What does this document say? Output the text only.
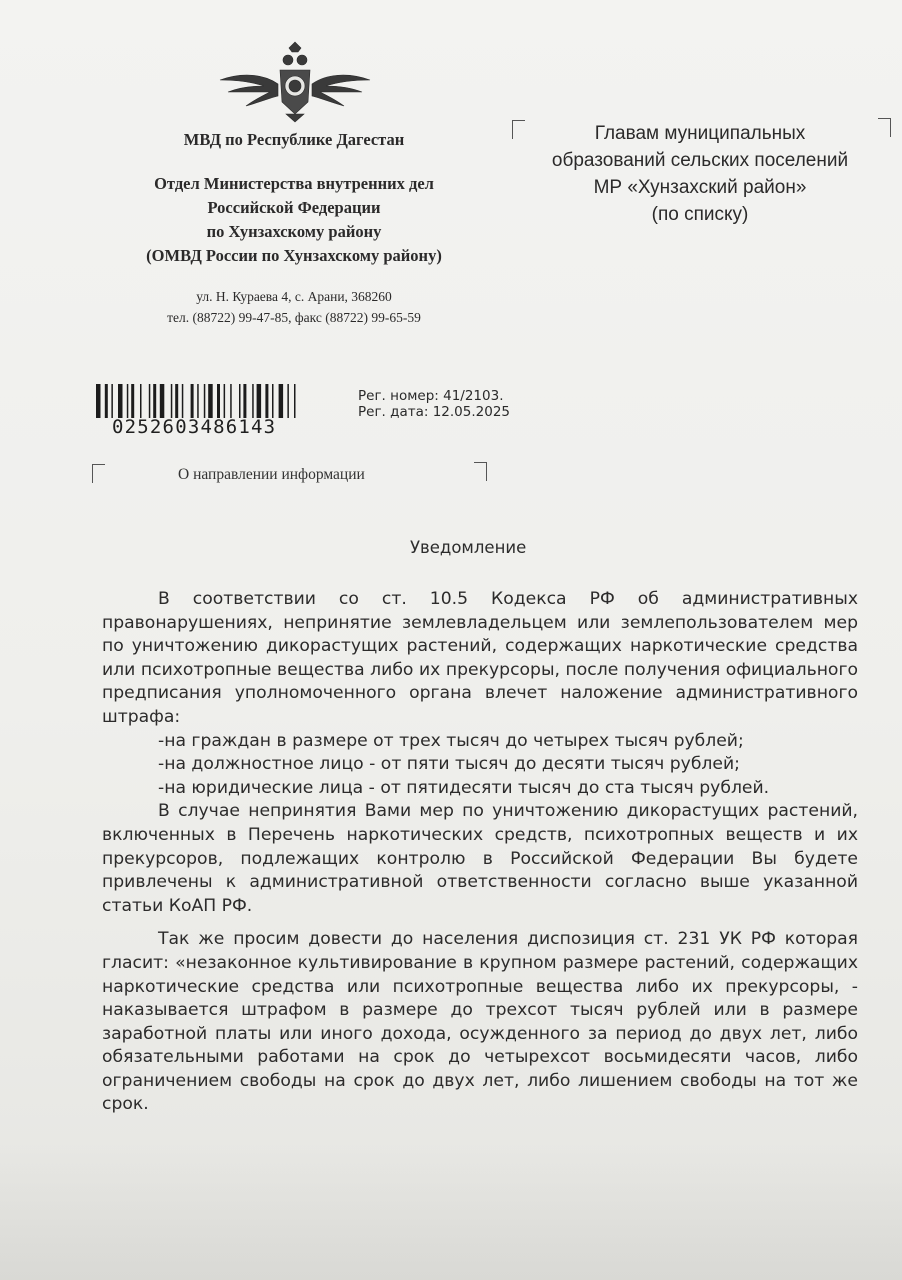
МВД по Республике Дагестан
Отдел Министерства внутренних дел
Российской Федерации
по Хунзахскому району
(ОМВД России по Хунзахскому району)
ул. Н. Кураева 4, с. Арани, 368260
тел. (88722) 99-47-85, факс (88722) 99-65-59
Главам муниципальных
образований сельских поселений
МР «Хунзахский район»
(по списку)
0252603486143
Рег. номер: 41/2103.
Рег. дата: 12.05.2025
О направлении информации
Уведомление

В соответствии со ст. 10.5 Кодекса РФ об административных правонарушениях, непринятие землевладельцем или землепользователем мер по уничтожению дикорастущих растений, содержащих наркотические средства или психотропные вещества либо их прекурсоры, после получения официального предписания уполномоченного органа влечет наложение административного штрафа:

-на граждан в размере от трех тысяч до четырех тысяч рублей;

-на должностное лицо - от пяти тысяч до десяти тысяч рублей;

-на юридические лица - от пятидесяти тысяч до ста тысяч рублей.

В случае непринятия Вами мер по уничтожению дикорастущих растений, включенных в Перечень наркотических средств, психотропных веществ и их прекурсоров, подлежащих контролю в Российской Федерации Вы будете привлечены к административной ответственности согласно выше указанной статьи КоАП РФ.

Так же просим довести до населения диспозиция ст. 231 УК РФ которая гласит: «незаконное культивирование в крупном размере растений, содержащих наркотические средства или психотропные вещества либо их прекурсоры, - наказывается штрафом в размере до трехсот тысяч рублей или в размере заработной платы или иного дохода, осужденного за период до двух лет, либо обязательными работами на срок до четырехсот восьмидесяти часов, либо ограничением свободы на срок до двух лет, либо лишением свободы на тот же срок.
